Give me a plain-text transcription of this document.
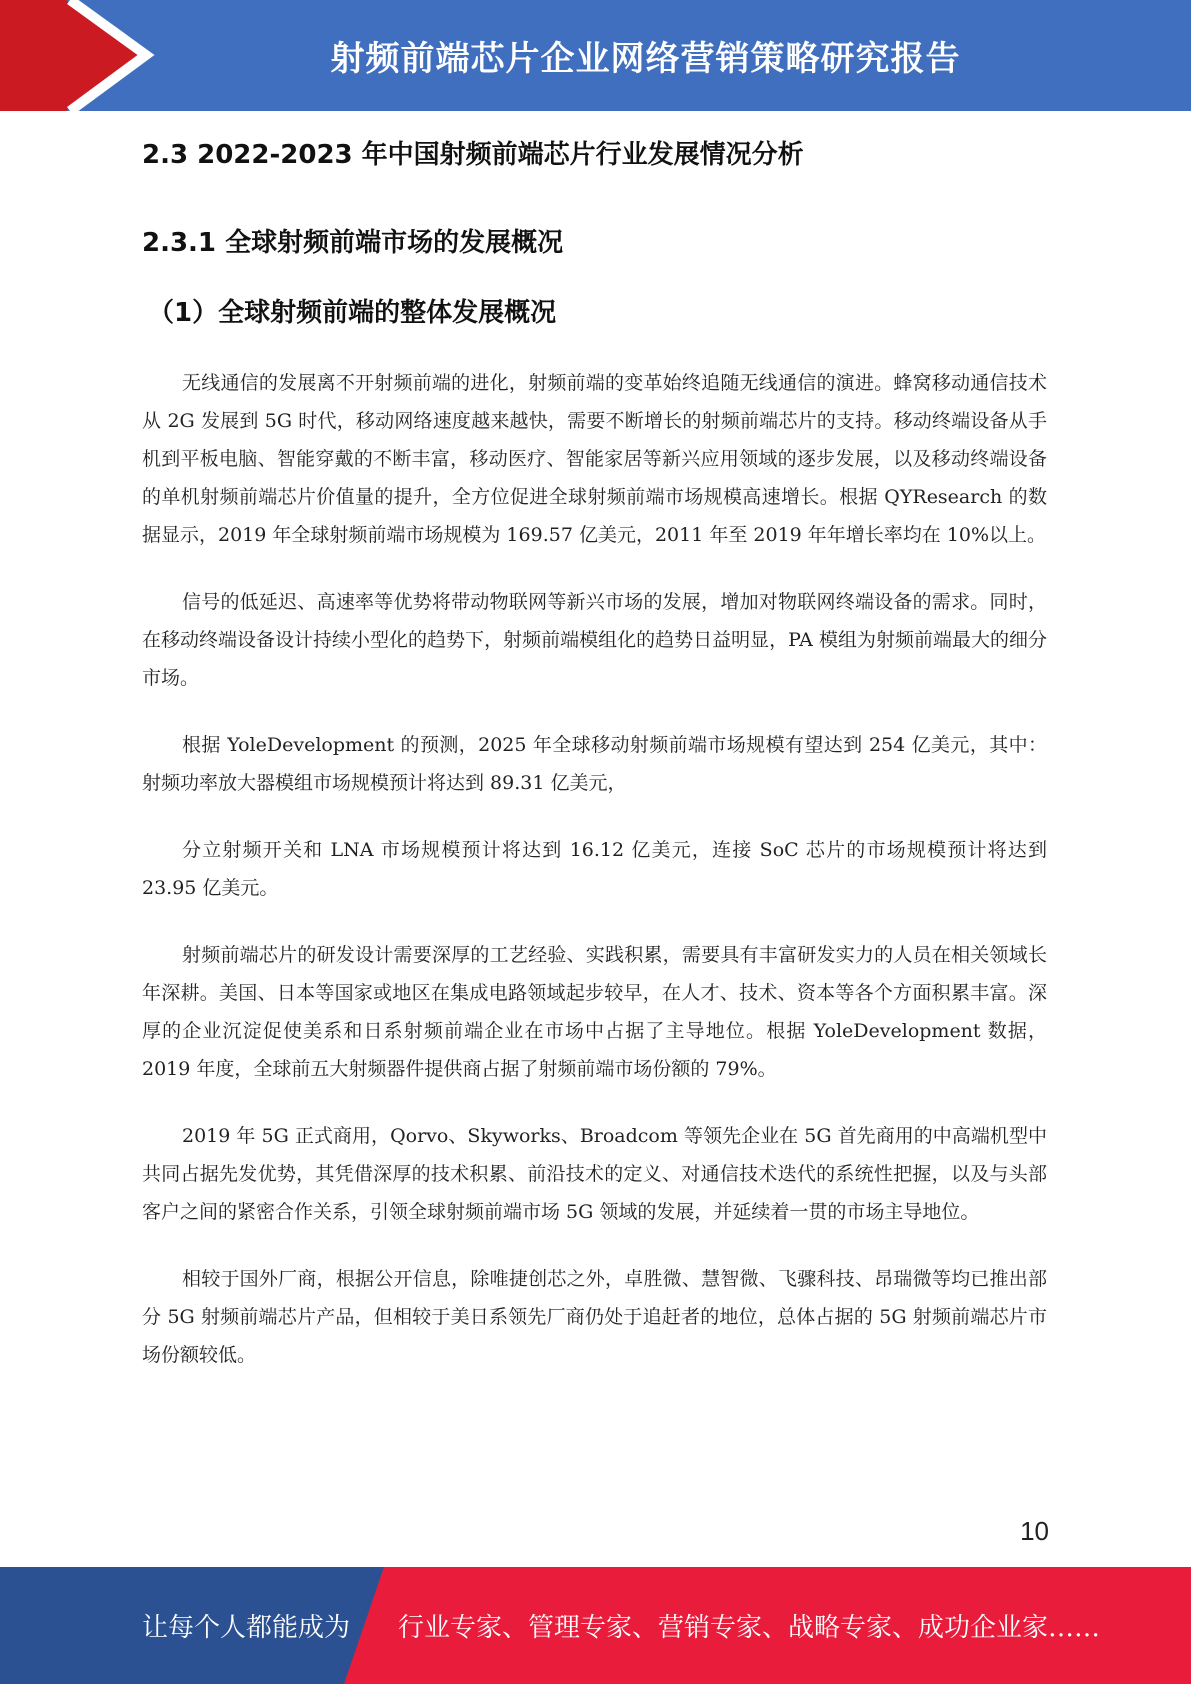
射频前端芯片企业网络营销策略研究报告
2.3 2022-2023 年中国射频前端芯片行业发展情况分析
2.3.1 全球射频前端市场的发展概况
（1）全球射频前端的整体发展概况

无线通信的发展离不开射频前端的进化，射频前端的变革始终追随无线通信的演进。蜂窝移动通信技术从 2G 发展到 5G 时代，移动网络速度越来越快，需要不断增长的射频前端芯片的支持。移动终端设备从手机到平板电脑、智能穿戴的不断丰富，移动医疗、智能家居等新兴应用领域的逐步发展，以及移动终端设备的单机射频前端芯片价值量的提升，全方位促进全球射频前端市场规模高速增长。根据 QYResearch 的数据显示，2019 年全球射频前端市场规模为 169.57 亿美元，2011 年至 2019 年年增长率均在 10%以上。

信号的低延迟、高速率等优势将带动物联网等新兴市场的发展，增加对物联网终端设备的需求。同时，在移动终端设备设计持续小型化的趋势下，射频前端模组化的趋势日益明显，PA 模组为射频前端最大的细分市场。

根据 YoleDevelopment 的预测，2025 年全球移动射频前端市场规模有望达到 254 亿美元，其中：射频功率放大器模组市场规模预计将达到 89.31 亿美元，

分立射频开关和 LNA 市场规模预计将达到 16.12 亿美元，连接 SoC 芯片的市场规模预计将达到 23.95 亿美元。

射频前端芯片的研发设计需要深厚的工艺经验、实践积累，需要具有丰富研发实力的人员在相关领域长年深耕。美国、日本等国家或地区在集成电路领域起步较早，在人才、技术、资本等各个方面积累丰富。深厚的企业沉淀促使美系和日系射频前端企业在市场中占据了主导地位。根据 YoleDevelopment 数据，2019 年度，全球前五大射频器件提供商占据了射频前端市场份额的 79%。

2019 年 5G 正式商用，Qorvo、Skyworks、Broadcom 等领先企业在 5G 首先商用的中高端机型中共同占据先发优势，其凭借深厚的技术积累、前沿技术的定义、对通信技术迭代的系统性把握，以及与头部客户之间的紧密合作关系，引领全球射频前端市场 5G 领域的发展，并延续着一贯的市场主导地位。

相较于国外厂商，根据公开信息，除唯捷创芯之外，卓胜微、慧智微、飞骤科技、昂瑞微等均已推出部分 5G 射频前端芯片产品，但相较于美日系领先厂商仍处于追赶者的地位，总体占据的 5G 射频前端芯片市场份额较低。

10
让每个人都能成为 行业专家、管理专家、营销专家、战略专家、成功企业家……
